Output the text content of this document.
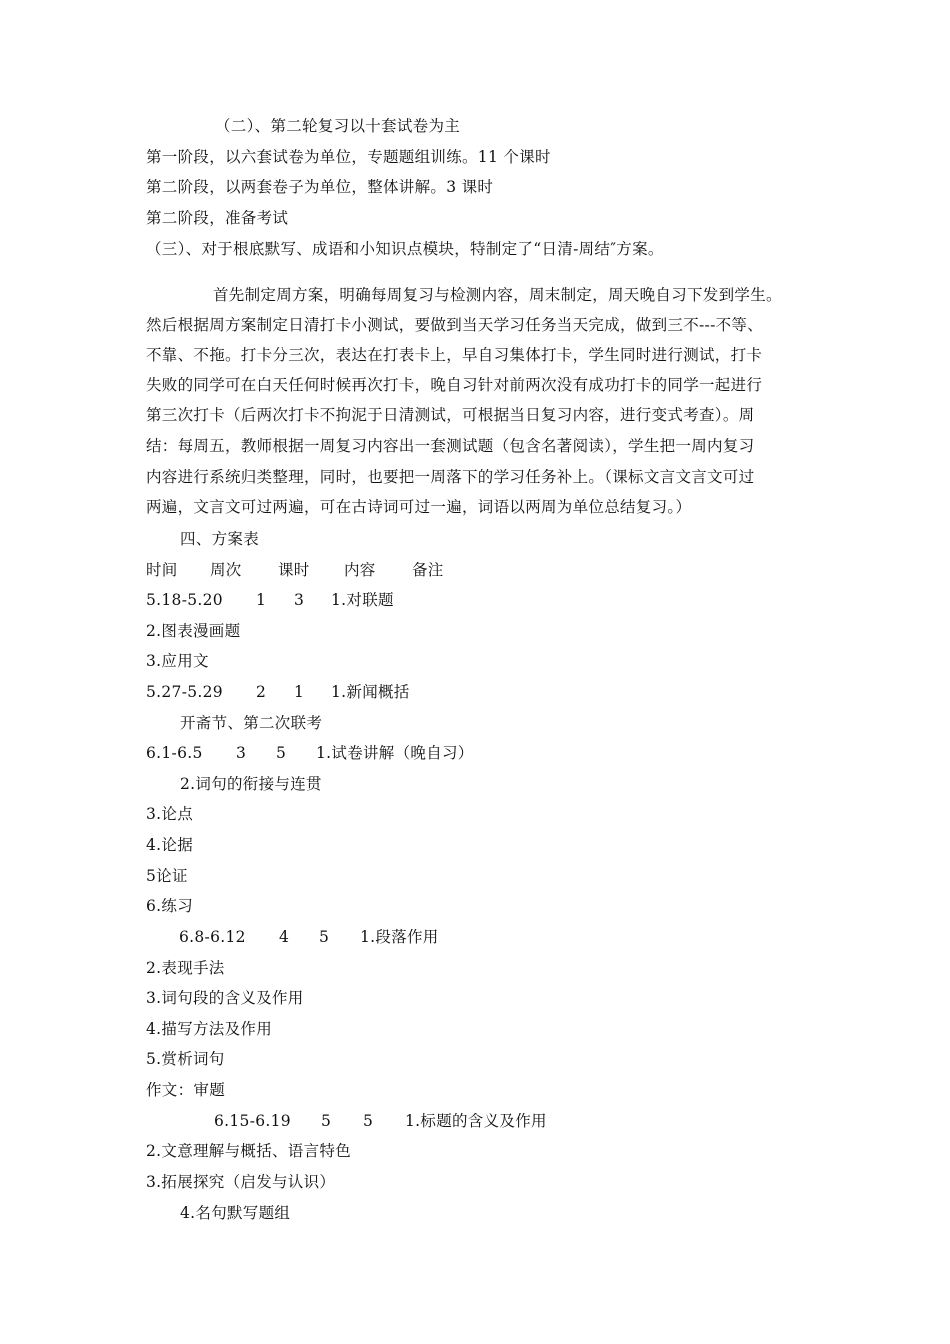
（二）、第二轮复习以十套试卷为主
第一阶段，以六套试卷为单位，专题题组训练。11 个课时
第二阶段，以两套卷子为单位，整体讲解。3 课时
第二阶段，准备考试
（三）、对于根底默写、成语和小知识点模块，特制定了“日清-周结″方案。
首先制定周方案，明确每周复习与检测内容，周末制定，周天晚自习下发到学生。
然后根据周方案制定日清打卡小测试，要做到当天学习任务当天完成，做到三不---不等、
不靠、不拖。打卡分三次，表达在打表卡上，早自习集体打卡，学生同时进行测试，打卡
失败的同学可在白天任何时候再次打卡，晚自习针对前两次没有成功打卡的同学一起进行
第三次打卡（后两次打卡不拘泥于日清测试，可根据当日复习内容，进行变式考查）。周
结：每周五，教师根据一周复习内容出一套测试题（包含名著阅读），学生把一周内复习
内容进行系统归类整理，同时，也要把一周落下的学习任务补上。（课标文言文言文可过
两遍，文言文可过两遍，可在古诗词可过一遍，词语以两周为单位总结复习。）
四、方案表
时间 周次 课时 内容 备注
5.18-5.20 1 3 1.对联题
2.图表漫画题
3.应用文
5.27-5.29 2 1 1.新闻概括
开斋节、第二次联考
6.1-6.5 3 5 1.试卷讲解（晚自习）
2.词句的衔接与连贯
3.论点
4.论据
5论证
6.练习
6.8-6.12 4 5 1.段落作用
2.表现手法
3.词句段的含义及作用
4.描写方法及作用
5.赏析词句
作文：审题
6.15-6.19 5 5 1.标题的含义及作用
2.文意理解与概括、语言特色
3.拓展探究（启发与认识）
4.名句默写题组
